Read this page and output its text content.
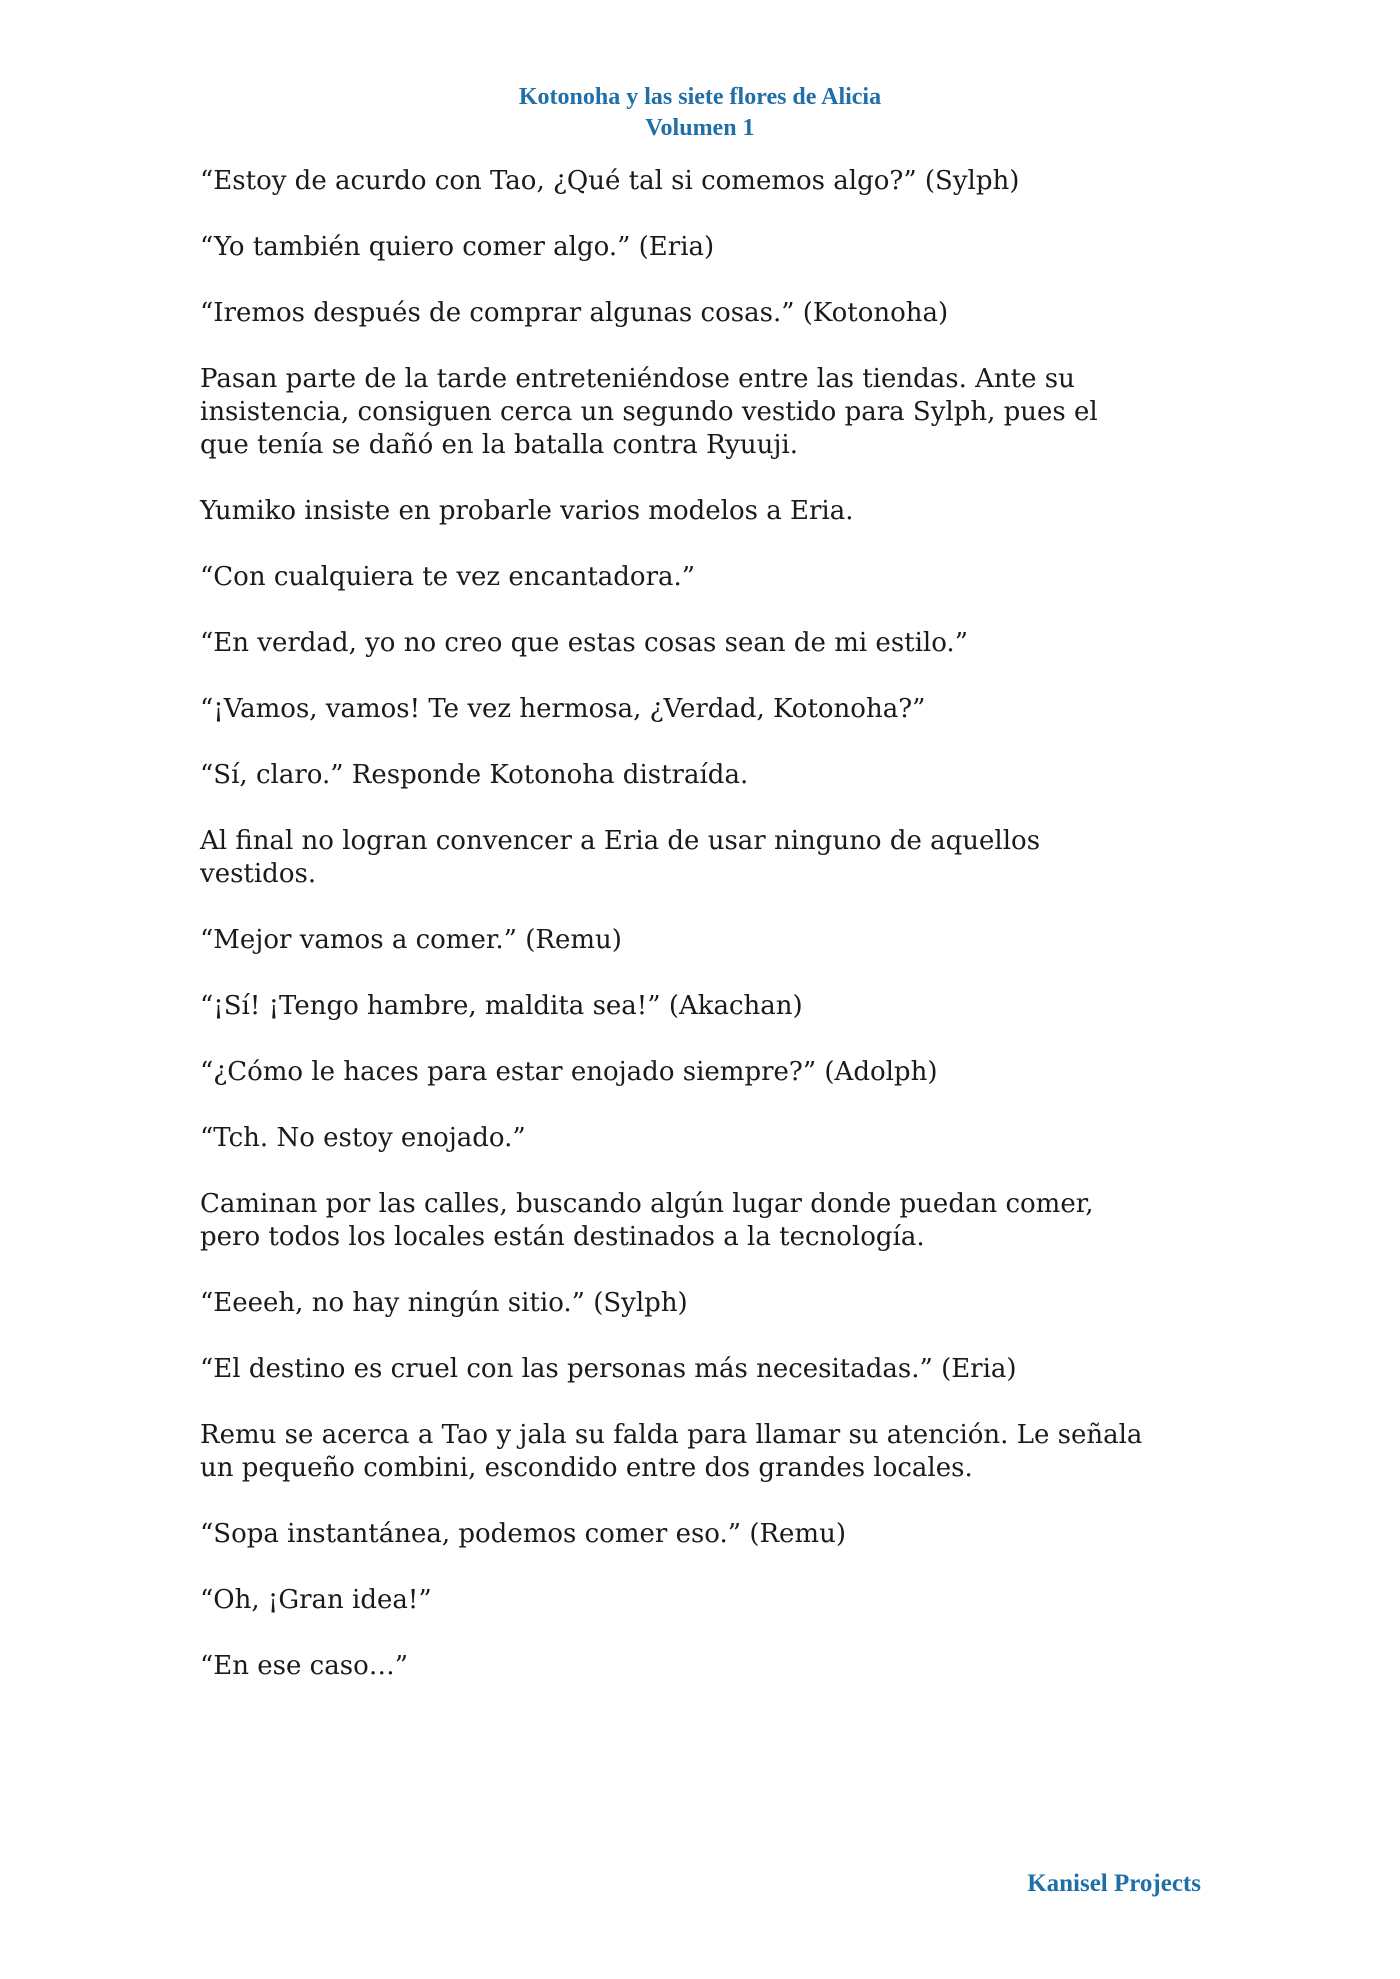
Kotonoha y las siete flores de Alicia
Volumen 1
“Estoy de acurdo con Tao, ¿Qué tal si comemos algo?” (Sylph)
“Yo también quiero comer algo.” (Eria)
“Iremos después de comprar algunas cosas.” (Kotonoha)
Pasan parte de la tarde entreteniéndose entre las tiendas. Ante su
insistencia, consiguen cerca un segundo vestido para Sylph, pues el
que tenía se dañó en la batalla contra Ryuuji.
Yumiko insiste en probarle varios modelos a Eria.
“Con cualquiera te vez encantadora.”
“En verdad, yo no creo que estas cosas sean de mi estilo.”
“¡Vamos, vamos! Te vez hermosa, ¿Verdad, Kotonoha?”
“Sí, claro.” Responde Kotonoha distraída.
Al final no logran convencer a Eria de usar ninguno de aquellos
vestidos.
“Mejor vamos a comer.” (Remu)
“¡Sí! ¡Tengo hambre, maldita sea!” (Akachan)
“¿Cómo le haces para estar enojado siempre?” (Adolph)
“Tch. No estoy enojado.”
Caminan por las calles, buscando algún lugar donde puedan comer,
pero todos los locales están destinados a la tecnología.
“Eeeeh, no hay ningún sitio.” (Sylph)
“El destino es cruel con las personas más necesitadas.” (Eria)
Remu se acerca a Tao y jala su falda para llamar su atención. Le señala
un pequeño combini, escondido entre dos grandes locales.
“Sopa instantánea, podemos comer eso.” (Remu)
“Oh, ¡Gran idea!”
“En ese caso…”
Kanisel Projects
